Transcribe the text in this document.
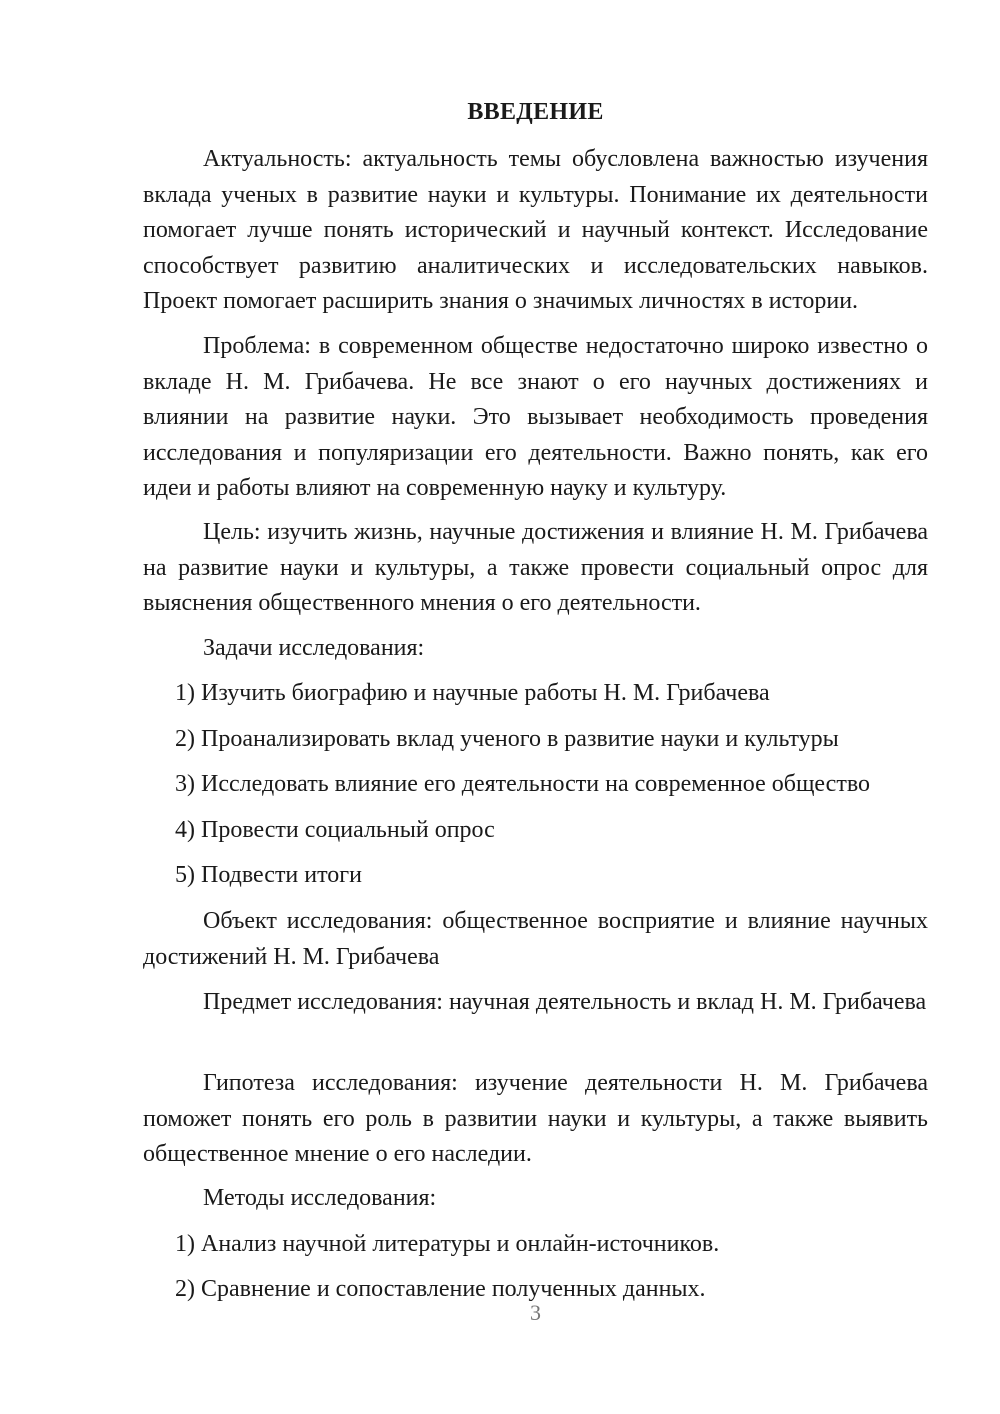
ВВЕДЕНИЕ

Актуальность: актуальность темы обусловлена важностью изучения вклада ученых в развитие науки и культуры. Понимание их деятельности помогает лучше понять исторический и научный контекст. Исследование способствует развитию аналитических и исследовательских навыков. Проект помогает расширить знания о значимых личностях в истории.

Проблема: в современном обществе недостаточно широко известно о вкладе Н. М. Грибачева. Не все знают о его научных достижениях и влиянии на развитие науки. Это вызывает необходимость проведения исследования и популяризации его деятельности. Важно понять, как его идеи и работы влияют на современную науку и культуру.

Цель: изучить жизнь, научные достижения и влияние Н. М. Грибачева на развитие науки и культуры, а также провести социальный опрос для выяснения общественного мнения о его деятельности.

Задачи исследования:

1) Изучить биографию и научные работы Н. М. Грибачева

2) Проанализировать вклад ученого в развитие науки и культуры

3) Исследовать влияние его деятельности на современное общество

4) Провести социальный опрос

5) Подвести итоги

Объект исследования: общественное восприятие и влияние научных достижений Н. М. Грибачева

Предмет исследования: научная деятельность и вклад Н. М. Грибачева

Гипотеза исследования: изучение деятельности Н. М. Грибачева поможет понять его роль в развитии науки и культуры, а также выявить общественное мнение о его наследии.

Методы исследования:

1) Анализ научной литературы и онлайн-источников.

2) Сравнение и сопоставление полученных данных.

3
